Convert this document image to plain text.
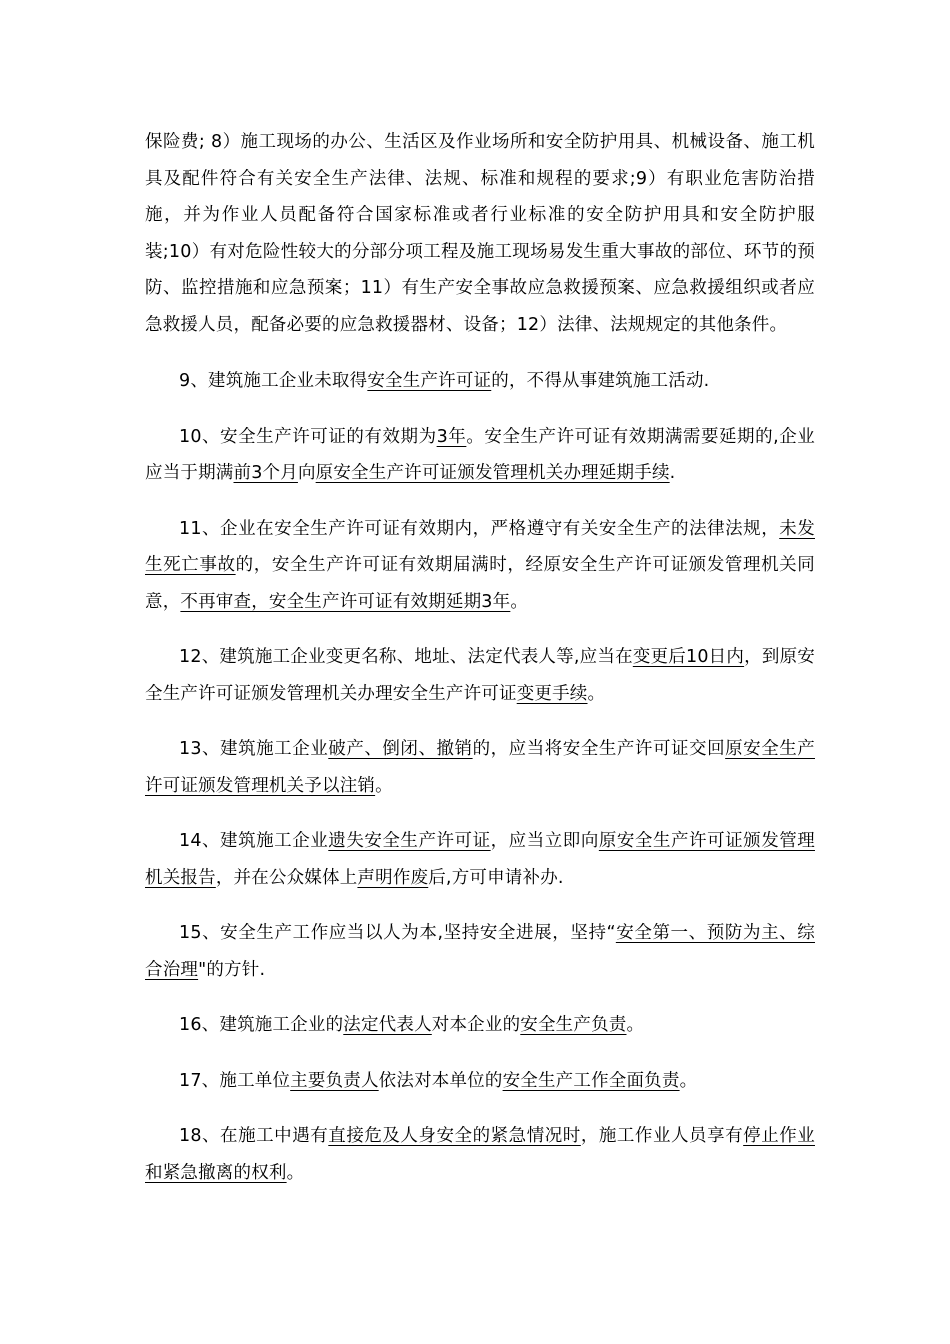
保险费; 8）施工现场的办公、生活区及作业场所和安全防护用具、机械设备、施工机具及配件符合有关安全生产法律、法规、标准和规程的要求;9）有职业危害防治措施，并为作业人员配备符合国家标准或者行业标准的安全防护用具和安全防护服装;10）有对危险性较大的分部分项工程及施工现场易发生重大事故的部位、环节的预防、监控措施和应急预案；11）有生产安全事故应急救援预案、应急救援组织或者应急救援人员，配备必要的应急救援器材、设备；12）法律、法规规定的其他条件。

9、建筑施工企业未取得安全生产许可证的，不得从事建筑施工活动.

10、安全生产许可证的有效期为3年。安全生产许可证有效期满需要延期的,企业应当于期满前3个月向原安全生产许可证颁发管理机关办理延期手续.

11、企业在安全生产许可证有效期内，严格遵守有关安全生产的法律法规，未发生死亡事故的，安全生产许可证有效期届满时，经原安全生产许可证颁发管理机关同意，不再审查，安全生产许可证有效期延期3年。

12、建筑施工企业变更名称、地址、法定代表人等,应当在变更后10日内，到原安全生产许可证颁发管理机关办理安全生产许可证变更手续。

13、建筑施工企业破产、倒闭、撤销的，应当将安全生产许可证交回原安全生产许可证颁发管理机关予以注销。

14、建筑施工企业遗失安全生产许可证，应当立即向原安全生产许可证颁发管理机关报告，并在公众媒体上声明作废后,方可申请补办.

15、安全生产工作应当以人为本,坚持安全进展，坚持“安全第一、预防为主、综合治理"的方针.

16、建筑施工企业的法定代表人对本企业的安全生产负责。

17、施工单位主要负责人依法对本单位的安全生产工作全面负责。

18、在施工中遇有直接危及人身安全的紧急情况时，施工作业人员享有停止作业和紧急撤离的权利。
